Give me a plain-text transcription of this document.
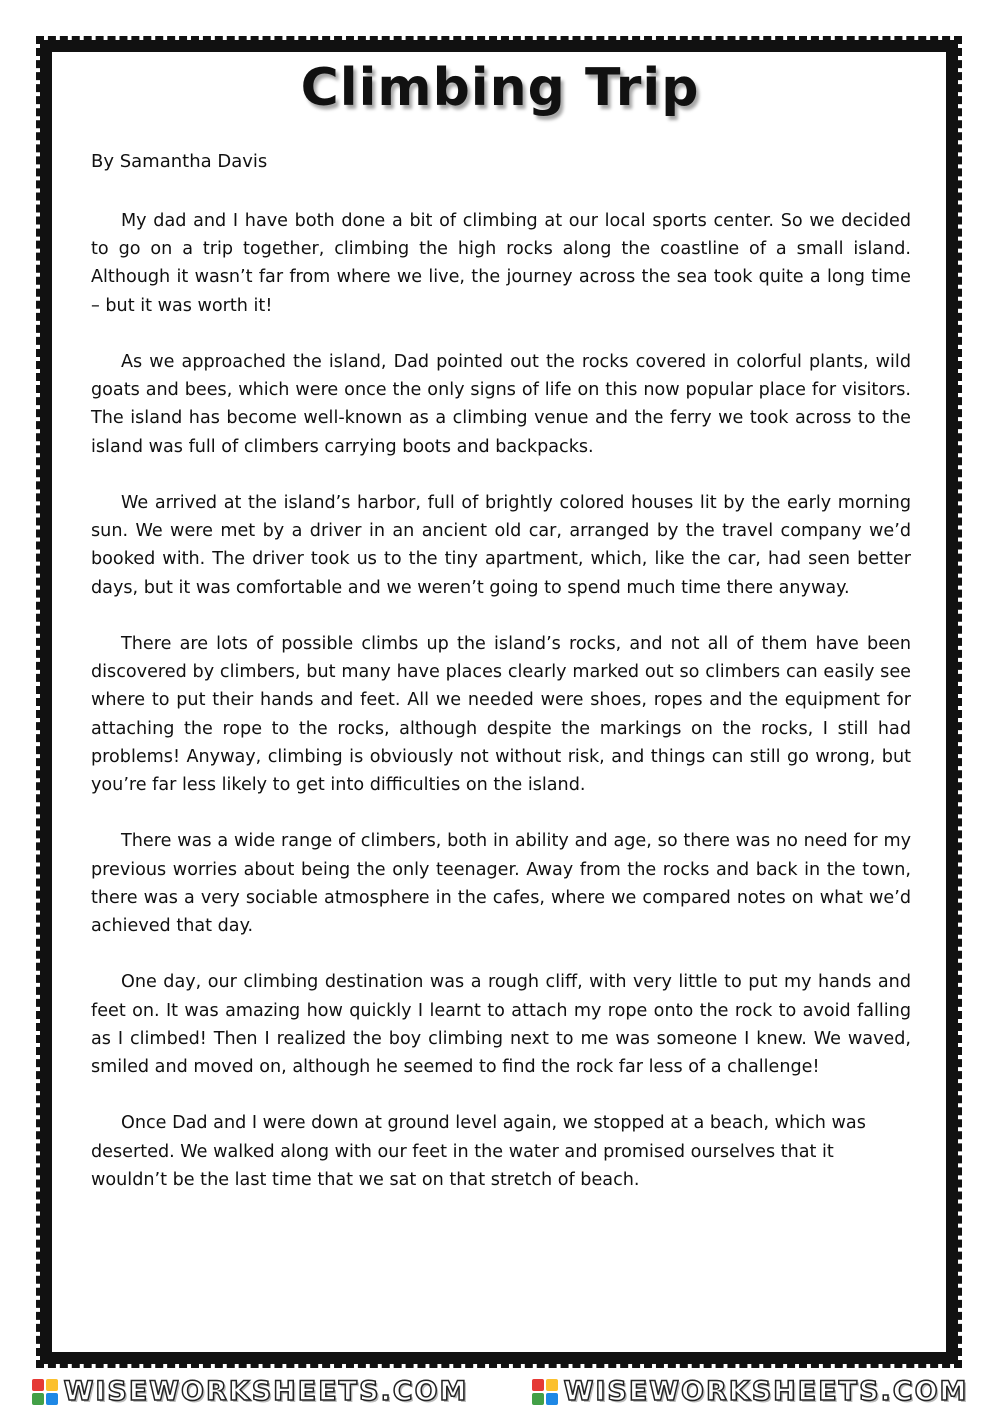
Climbing Trip

By Samantha Davis

My dad and I have both done a bit of climbing at our local sports center. So we decided to go on a trip together, climbing the high rocks along the coastline of a small island. Although it wasn’t far from where we live, the journey across the sea took quite a long time – but it was worth it!

As we approached the island, Dad pointed out the rocks covered in colorful plants, wild goats and bees, which were once the only signs of life on this now popular place for visitors. The island has become well-known as a climbing venue and the ferry we took across to the island was full of climbers carrying boots and backpacks.

We arrived at the island’s harbor, full of brightly colored houses lit by the early morning sun. We were met by a driver in an ancient old car, arranged by the travel company we’d booked with. The driver took us to the tiny apartment, which, like the car, had seen better days, but it was comfortable and we weren’t going to spend much time there anyway.

There are lots of possible climbs up the island’s rocks, and not all of them have been discovered by climbers, but many have places clearly marked out so climbers can easily see where to put their hands and feet. All we needed were shoes, ropes and the equipment for attaching the rope to the rocks, although despite the markings on the rocks, I still had problems! Anyway, climbing is obviously not without risk, and things can still go wrong, but you’re far less likely to get into difficulties on the island.

There was a wide range of climbers, both in ability and age, so there was no need for my previous worries about being the only teenager. Away from the rocks and back in the town, there was a very sociable atmosphere in the cafes, where we compared notes on what we’d achieved that day.

One day, our climbing destination was a rough cliff, with very little to put my hands and feet on. It was amazing how quickly I learnt to attach my rope onto the rock to avoid falling as I climbed! Then I realized the boy climbing next to me was someone I knew. We waved, smiled and moved on, although he seemed to find the rock far less of a challenge!

Once Dad and I were down at ground level again, we stopped at a beach, which was deserted. We walked along with our feet in the water and promised ourselves that it wouldn’t be the last time that we sat on that stretch of beach.

WISEWORKSHEETS.COM	WISEWORKSHEETS.COM
